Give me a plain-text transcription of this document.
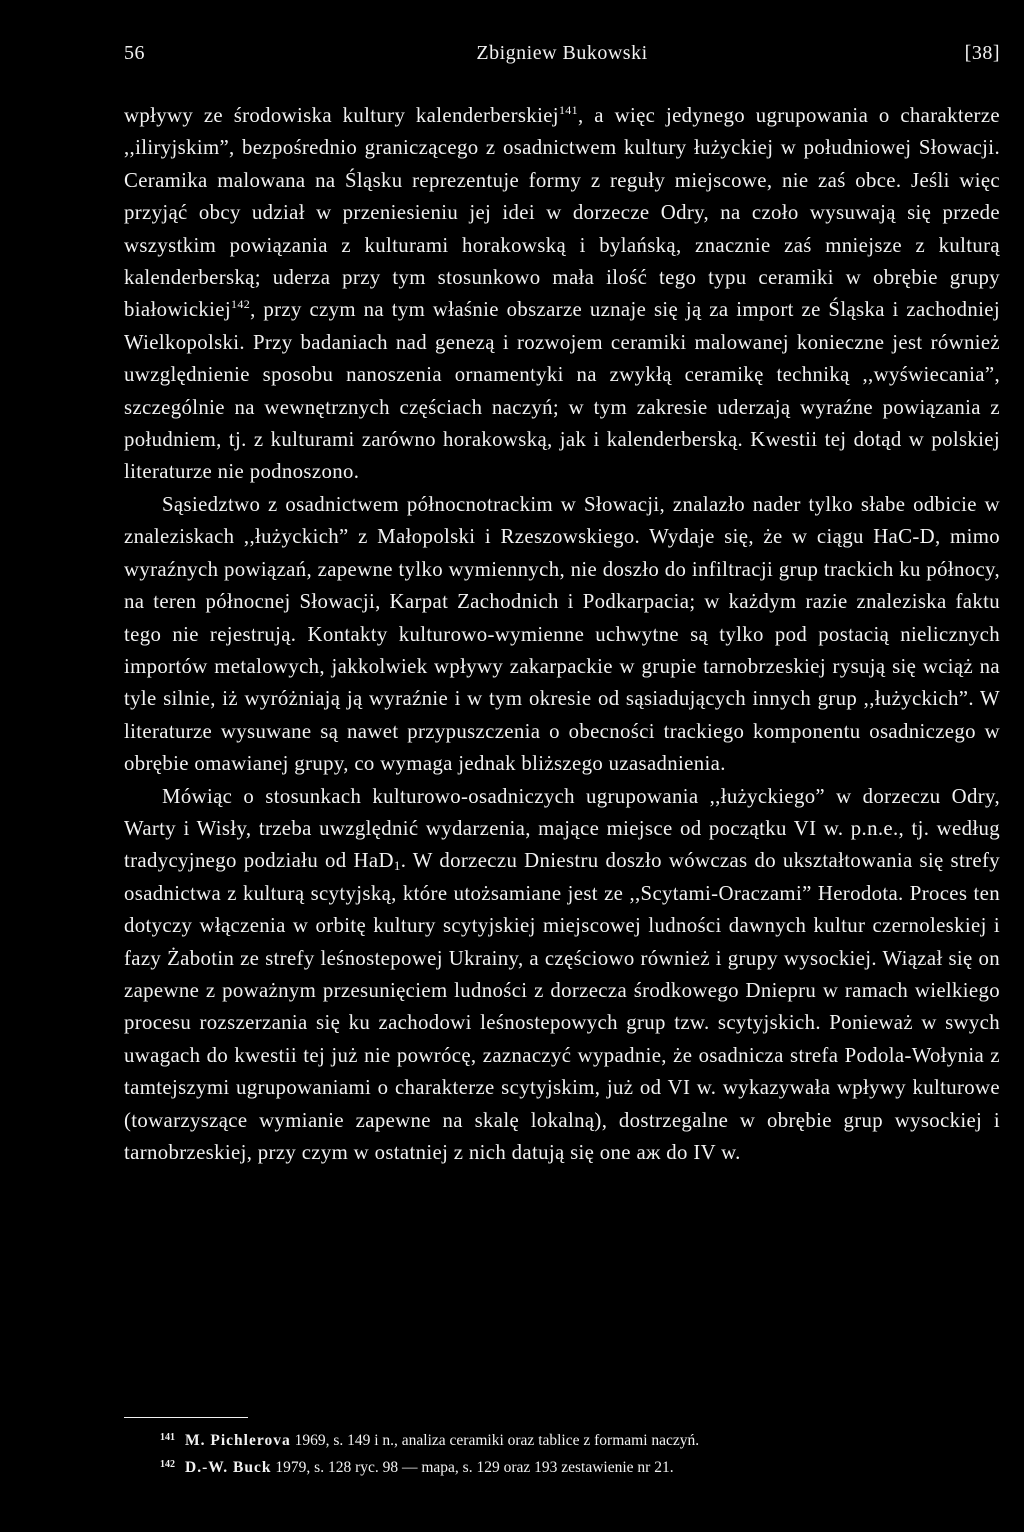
56	Zbigniew Bukowski	[38]

wpływy ze środowiska kultury kalenderberskiej$^{141}$, a więc jedynego ugrupowania o charakterze ,,iliryjskim”, bezpośrednio graniczącego z osadnictwem kultury łużyckiej w południowej Słowacji. Ceramika malowana na Śląsku reprezentuje formy z reguły miejscowe, nie zaś obce. Jeśli więc przyjąć obcy udział w przeniesieniu jej idei w dorzecze Odry, na czoło wysuwają się przede wszystkim powiązania z kulturami horakowską i bylańską, znacznie zaś mniejsze z kulturą kalenderberską; uderza przy tym stosunkowo mała ilość tego typu ceramiki w obrębie grupy białowickiej$^{142}$, przy czym na tym właśnie obszarze uznaje się ją za import ze Śląska i zachodniej Wielkopolski. Przy badaniach nad genezą i rozwojem ceramiki malowanej konieczne jest również uwzględnienie sposobu nanoszenia ornamentyki na zwykłą ceramikę techniką ,,wyświecania”, szczególnie na wewnętrznych częściach naczyń; w tym zakresie uderzają wyraźne powiązania z południem, tj. z kulturami zarówno horakowską, jak i kalenderberską. Kwestii tej dotąd w polskiej literaturze nie podnoszono.

Sąsiedztwo z osadnictwem północnotrackim w Słowacji, znalazło nader tylko słabe odbicie w znaleziskach ,,łużyckich” z Małopolski i Rzeszowskiego. Wydaje się, że w ciągu HaC-D, mimo wyraźnych powiązań, zapewne tylko wymiennych, nie doszło do infiltracji grup trackich ku północy, na teren północnej Słowacji, Karpat Zachodnich i Podkarpacia; w każdym razie znaleziska faktu tego nie rejestrują. Kontakty kulturowo-wymienne uchwytne są tylko pod postacią nielicznych importów metalowych, jakkolwiek wpływy zakarpackie w grupie tarnobrzeskiej rysują się wciąż na tyle silnie, iż wyróżniają ją wyraźnie i w tym okresie od sąsiadujących innych grup ,,łużyckich”. W literaturze wysuwane są nawet przypuszczenia o obecności trackiego komponentu osadniczego w obrębie omawianej grupy, co wymaga jednak bliższego uzasadnienia.

Mówiąc o stosunkach kulturowo-osadniczych ugrupowania ,,łużyckiego” w dorzeczu Odry, Warty i Wisły, trzeba uwzględnić wydarzenia, mające miejsce od początku VI w. p.n.e., tj. według tradycyjnego podziału od HaD$_1$. W dorzeczu Dniestru doszło wówczas do ukształtowania się strefy osadnictwa z kulturą scytyjską, które utożsamiane jest ze ,,Scytami-Oraczami” Herodota. Proces ten dotyczy włączenia w orbitę kultury scytyjskiej miejscowej ludności dawnych kultur czernoleskiej i fazy Żabotin ze strefy leśnostepowej Ukrainy, a częściowo również i grupy wysockiej. Wiązał się on zapewne z poważnym przesunięciem ludności z dorzecza środkowego Dniepru w ramach wielkiego procesu rozszerzania się ku zachodowi leśnostepowych grup tzw. scytyjskich. Ponieważ w swych uwagach do kwestii tej już nie powrócę, zaznaczyć wypadnie, że osadnicza strefa Podola-Wołynia z tamtejszymi ugrupowaniami o charakterze scytyjskim, już od VI w. wykazywała wpływy kulturowe (towarzyszące wymianie zapewne na skalę lokalną), dostrzegalne w obrębie grup wysockiej i tarnobrzeskiej, przy czym w ostatniej z nich datują się one aж do IV w.

$^{141}$ M. Pichlerova 1969, s. 149 i n., analiza ceramiki oraz tablice z formami naczyń.
$^{142}$ D.-W. Buck 1979, s. 128 ryc. 98 — mapa, s. 129 oraz 193 zestawienie nr 21.
